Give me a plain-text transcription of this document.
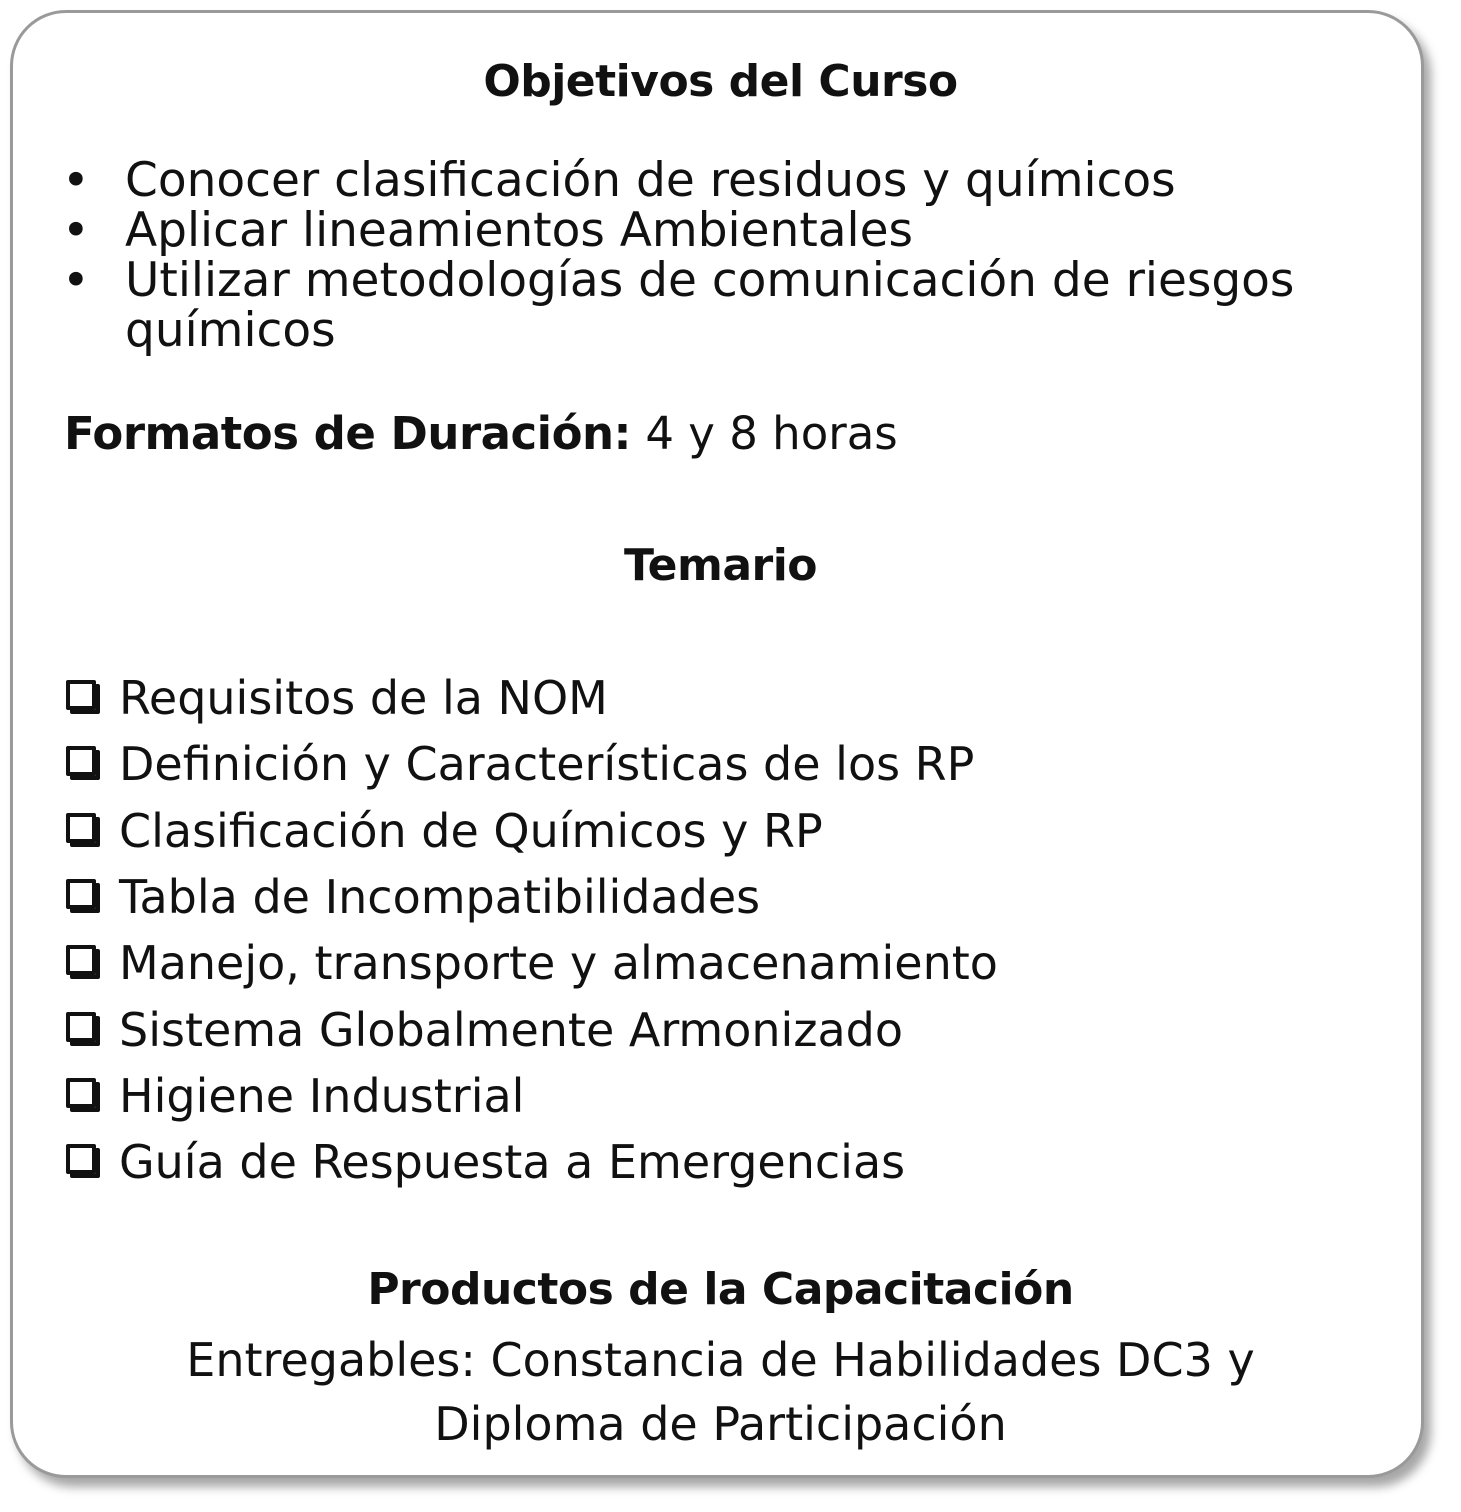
Objetivos del Curso
• Conocer clasificación de residuos y químicos
• Aplicar lineamientos Ambientales
• Utilizar metodologías de comunicación de riesgos químicos
Formatos de Duración: 4 y 8 horas
Temario
Requisitos de la NOM
Definición y Características de los RP
Clasificación de Químicos y RP
Tabla de Incompatibilidades
Manejo, transporte y almacenamiento
Sistema Globalmente Armonizado
Higiene Industrial
Guía de Respuesta a Emergencias
Productos de la Capacitación
Entregables: Constancia de Habilidades DC3 y
Diploma de Participación
